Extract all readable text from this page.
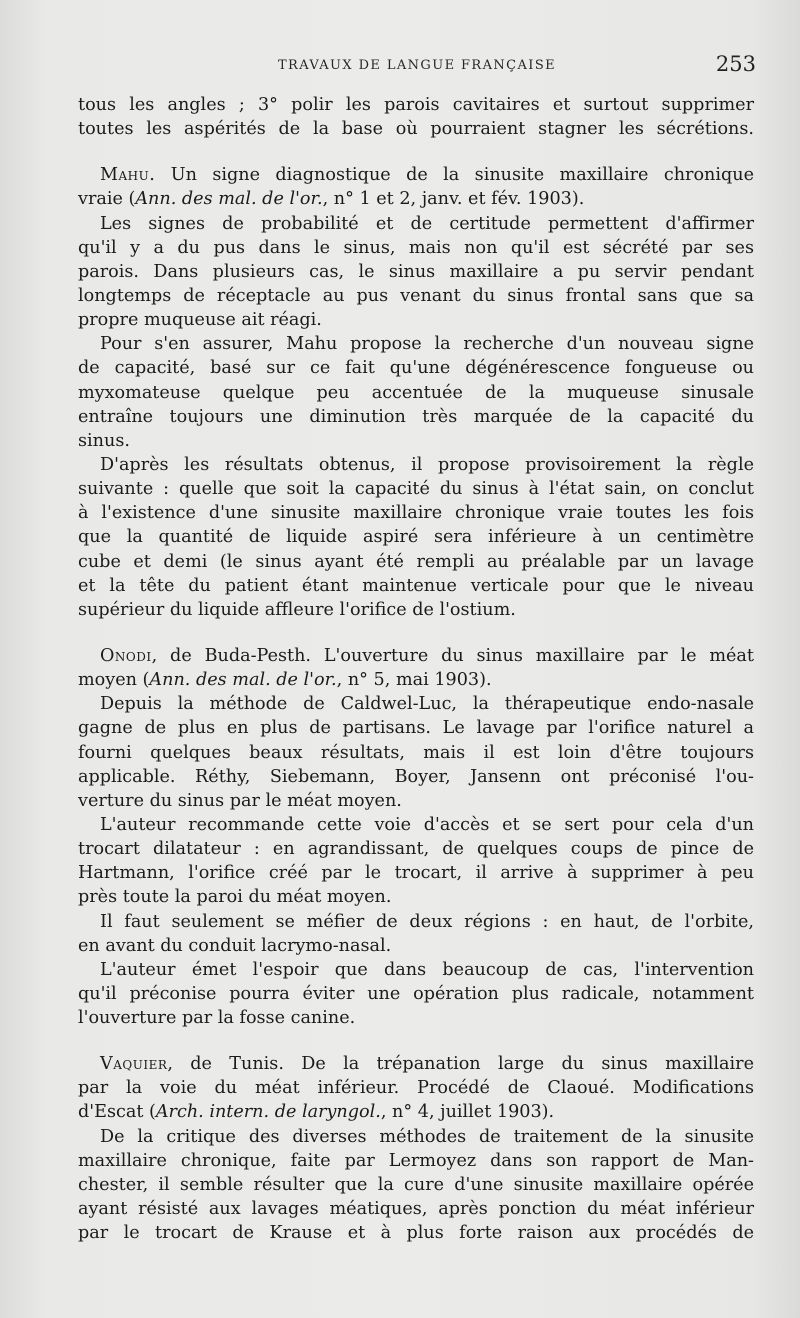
TRAVAUX DE LANGUE FRANÇAISE	253
tous les angles ; 3° polir les parois cavitaires et surtout supprimer
toutes les aspérités de la base où pourraient stagner les sécrétions.
Mahu. Un signe diagnostique de la sinusite maxillaire chronique
vraie (Ann. des mal. de l'or., n° 1 et 2, janv. et fév. 1903).
Les signes de probabilité et de certitude permettent d'affirmer
qu'il y a du pus dans le sinus, mais non qu'il est sécrété par ses
parois. Dans plusieurs cas, le sinus maxillaire a pu servir pendant
longtemps de réceptacle au pus venant du sinus frontal sans que sa
propre muqueuse ait réagi.
Pour s'en assurer, Mahu propose la recherche d'un nouveau signe
de capacité, basé sur ce fait qu'une dégénérescence fongueuse ou
myxomateuse quelque peu accentuée de la muqueuse sinusale
entraîne toujours une diminution très marquée de la capacité du
sinus.
D'après les résultats obtenus, il propose provisoirement la règle
suivante : quelle que soit la capacité du sinus à l'état sain, on conclut
à l'existence d'une sinusite maxillaire chronique vraie toutes les fois
que la quantité de liquide aspiré sera inférieure à un centimètre
cube et demi (le sinus ayant été rempli au préalable par un lavage
et la tête du patient étant maintenue verticale pour que le niveau
supérieur du liquide affleure l'orifice de l'ostium.
Onodi, de Buda-Pesth. L'ouverture du sinus maxillaire par le méat
moyen (Ann. des mal. de l'or., n° 5, mai 1903).
Depuis la méthode de Caldwel-Luc, la thérapeutique endo-nasale
gagne de plus en plus de partisans. Le lavage par l'orifice naturel a
fourni quelques beaux résultats, mais il est loin d'être toujours
applicable. Réthy, Siebemann, Boyer, Jansenn ont préconisé l'ou-
verture du sinus par le méat moyen.
L'auteur recommande cette voie d'accès et se sert pour cela d'un
trocart dilatateur : en agrandissant, de quelques coups de pince de
Hartmann, l'orifice créé par le trocart, il arrive à supprimer à peu
près toute la paroi du méat moyen.
Il faut seulement se méfier de deux régions : en haut, de l'orbite,
en avant du conduit lacrymo-nasal.
L'auteur émet l'espoir que dans beaucoup de cas, l'intervention
qu'il préconise pourra éviter une opération plus radicale, notamment
l'ouverture par la fosse canine.
Vaquier, de Tunis. De la trépanation large du sinus maxillaire
par la voie du méat inférieur. Procédé de Claoué. Modifications
d'Escat (Arch. intern. de laryngol., n° 4, juillet 1903).
De la critique des diverses méthodes de traitement de la sinusite
maxillaire chronique, faite par Lermoyez dans son rapport de Man-
chester, il semble résulter que la cure d'une sinusite maxillaire opérée
ayant résisté aux lavages méatiques, après ponction du méat inférieur
par le trocart de Krause et à plus forte raison aux procédés de
